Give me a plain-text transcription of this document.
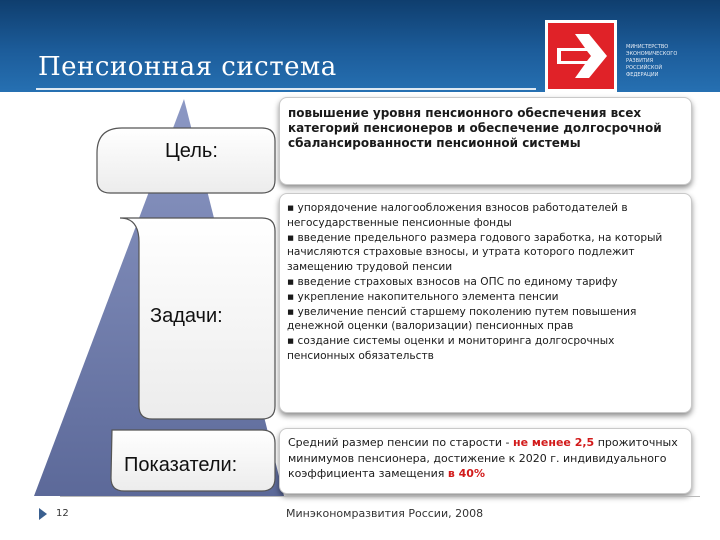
Пенсионная система
МИНИСТЕРСТВО
ЭКОНОМИЧЕСКОГО
РАЗВИТИЯ
РОССИЙСКОЙ
ФЕДЕРАЦИИ
Цель:
Задачи:
Показатели:
повышение уровня пенсионного обеспечения всех категорий пенсионеров и обеспечение долгосрочной сбалансированности пенсионной системы
▪ упорядочение налогообложения взносов работодателей в негосударственные пенсионные фонды
▪ введение предельного размера годового заработка, на который начисляются страховые взносы, и утрата которого подлежит замещению трудовой пенсии
▪ введение страховых взносов на ОПС по единому тарифу
▪ укрепление накопительного элемента пенсии
▪ увеличение пенсий старшему поколению путем повышения денежной оценки (валоризации) пенсионных прав
▪ создание системы оценки и мониторинга долгосрочных пенсионных обязательств
Средний размер пенсии по старости - не менее 2,5 прожиточных минимумов пенсионера, достижение к 2020 г. индивидуального коэффициента замещения в 40%
12	Минэкономразвития России, 2008
